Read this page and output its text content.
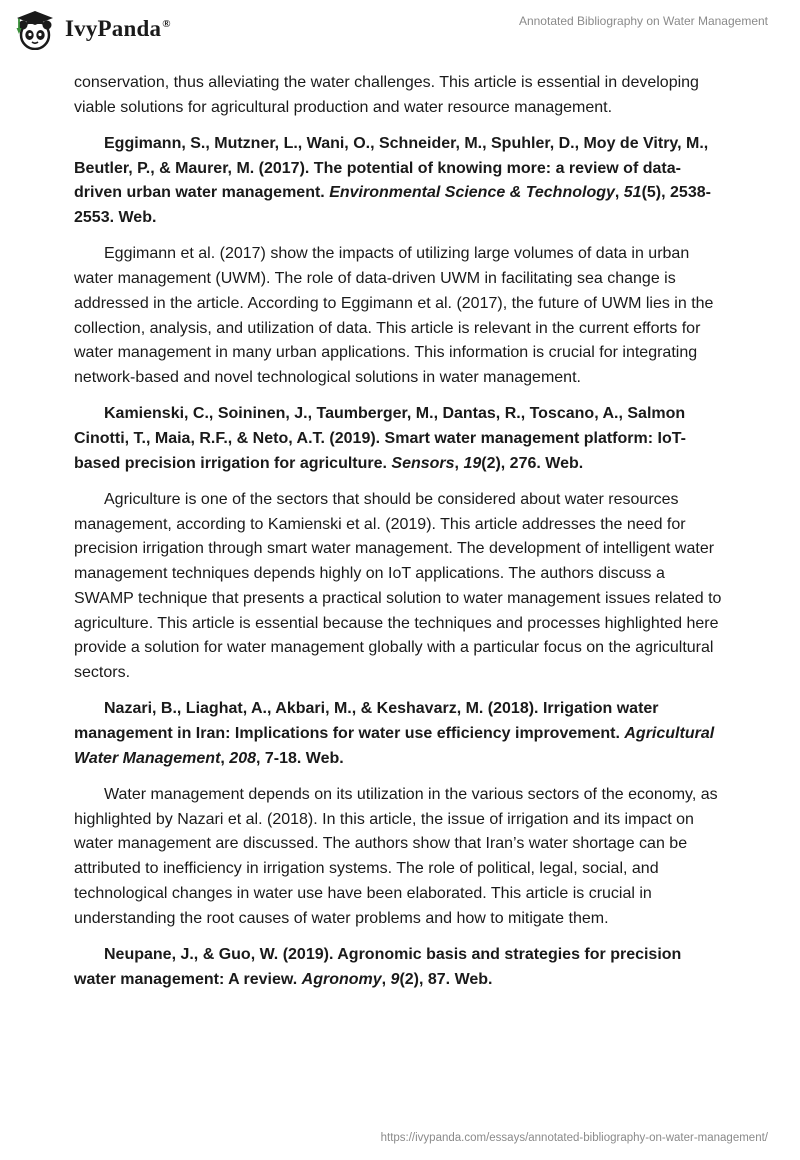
IvyPanda®	Annotated Bibliography on Water Management

conservation, thus alleviating the water challenges. This article is essential in developing viable solutions for agricultural production and water resource management.

Eggimann, S., Mutzner, L., Wani, O., Schneider, M., Spuhler, D., Moy de Vitry, M., Beutler, P., & Maurer, M. (2017). The potential of knowing more: a review of data-driven urban water management. Environmental Science & Technology, 51(5), 2538-2553. Web.

Eggimann et al. (2017) show the impacts of utilizing large volumes of data in urban water management (UWM). The role of data-driven UWM in facilitating sea change is addressed in the article. According to Eggimann et al. (2017), the future of UWM lies in the collection, analysis, and utilization of data. This article is relevant in the current efforts for water management in many urban applications. This information is crucial for integrating network-based and novel technological solutions in water management.

Kamienski, C., Soininen, J., Taumberger, M., Dantas, R., Toscano, A., Salmon Cinotti, T., Maia, R.F., & Neto, A.T. (2019). Smart water management platform: IoT-based precision irrigation for agriculture. Sensors, 19(2), 276. Web.

Agriculture is one of the sectors that should be considered about water resources management, according to Kamienski et al. (2019). This article addresses the need for precision irrigation through smart water management. The development of intelligent water management techniques depends highly on IoT applications. The authors discuss a SWAMP technique that presents a practical solution to water management issues related to agriculture. This article is essential because the techniques and processes highlighted here provide a solution for water management globally with a particular focus on the agricultural sectors.

Nazari, B., Liaghat, A., Akbari, M., & Keshavarz, M. (2018). Irrigation water management in Iran: Implications for water use efficiency improvement. Agricultural Water Management, 208, 7-18. Web.

Water management depends on its utilization in the various sectors of the economy, as highlighted by Nazari et al. (2018). In this article, the issue of irrigation and its impact on water management are discussed. The authors show that Iran’s water shortage can be attributed to inefficiency in irrigation systems. The role of political, legal, social, and technological changes in water use have been elaborated. This article is crucial in understanding the root causes of water problems and how to mitigate them.

Neupane, J., & Guo, W. (2019). Agronomic basis and strategies for precision water management: A review. Agronomy, 9(2), 87. Web.

https://ivypanda.com/essays/annotated-bibliography-on-water-management/
